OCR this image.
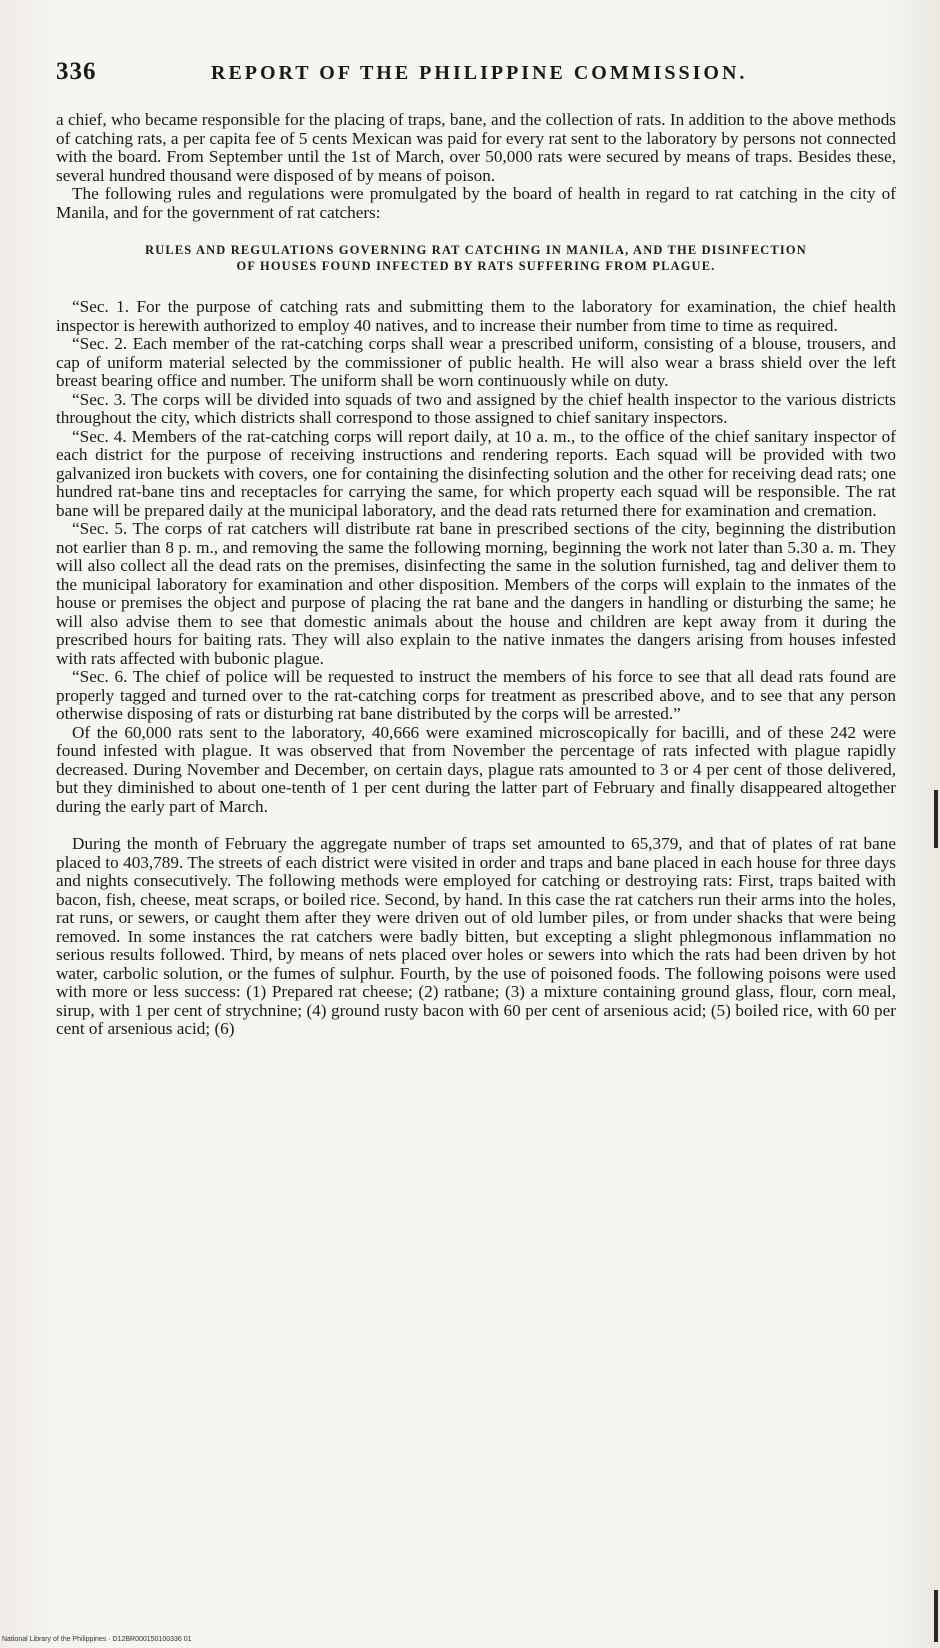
336	REPORT OF THE PHILIPPINE COMMISSION.

a chief, who became responsible for the placing of traps, bane, and the collection of rats. In addition to the above methods of catching rats, a per capita fee of 5 cents Mexican was paid for every rat sent to the laboratory by persons not connected with the board. From September until the 1st of March, over 50,000 rats were secured by means of traps. Besides these, several hundred thousand were disposed of by means of poison.

The following rules and regulations were promulgated by the board of health in regard to rat catching in the city of Manila, and for the government of rat catchers:

RULES AND REGULATIONS GOVERNING RAT CATCHING IN MANILA, AND THE DISINFECTION
OF HOUSES FOUND INFECTED BY RATS SUFFERING FROM PLAGUE.

“Sec. 1. For the purpose of catching rats and submitting them to the laboratory for examination, the chief health inspector is herewith authorized to employ 40 natives, and to increase their number from time to time as required.

“Sec. 2. Each member of the rat-catching corps shall wear a prescribed uniform, consisting of a blouse, trousers, and cap of uniform material selected by the commissioner of public health. He will also wear a brass shield over the left breast bearing office and number. The uniform shall be worn continuously while on duty.

“Sec. 3. The corps will be divided into squads of two and assigned by the chief health inspector to the various districts throughout the city, which districts shall correspond to those assigned to chief sanitary inspectors.

“Sec. 4. Members of the rat-catching corps will report daily, at 10 a. m., to the office of the chief sanitary inspector of each district for the purpose of receiving instructions and rendering reports. Each squad will be provided with two galvanized iron buckets with covers, one for containing the disinfecting solution and the other for receiving dead rats; one hundred rat-bane tins and receptacles for carrying the same, for which property each squad will be responsible. The rat bane will be prepared daily at the municipal laboratory, and the dead rats returned there for examination and cremation.

“Sec. 5. The corps of rat catchers will distribute rat bane in prescribed sections of the city, beginning the distribution not earlier than 8 p. m., and removing the same the following morning, beginning the work not later than 5.30 a. m. They will also collect all the dead rats on the premises, disinfecting the same in the solution furnished, tag and deliver them to the municipal laboratory for examination and other disposition. Members of the corps will explain to the inmates of the house or premises the object and purpose of placing the rat bane and the dangers in handling or disturbing the same; he will also advise them to see that domestic animals about the house and children are kept away from it during the prescribed hours for baiting rats. They will also explain to the native inmates the dangers arising from houses infested with rats affected with bubonic plague.

“Sec. 6. The chief of police will be requested to instruct the members of his force to see that all dead rats found are properly tagged and turned over to the rat-catching corps for treatment as prescribed above, and to see that any person otherwise disposing of rats or disturbing rat bane distributed by the corps will be arrested.”

Of the 60,000 rats sent to the laboratory, 40,666 were examined microscopically for bacilli, and of these 242 were found infested with plague. It was observed that from November the percentage of rats infected with plague rapidly decreased. During November and December, on certain days, plague rats amounted to 3 or 4 per cent of those delivered, but they diminished to about one-tenth of 1 per cent during the latter part of February and finally disappeared altogether during the early part of March.

During the month of February the aggregate number of traps set amounted to 65,379, and that of plates of rat bane placed to 403,789. The streets of each district were visited in order and traps and bane placed in each house for three days and nights consecutively. The following methods were employed for catching or destroying rats: First, traps baited with bacon, fish, cheese, meat scraps, or boiled rice. Second, by hand. In this case the rat catchers run their arms into the holes, rat runs, or sewers, or caught them after they were driven out of old lumber piles, or from under shacks that were being removed. In some instances the rat catchers were badly bitten, but excepting a slight phlegmonous inflammation no serious results followed. Third, by means of nets placed over holes or sewers into which the rats had been driven by hot water, carbolic solution, or the fumes of sulphur. Fourth, by the use of poisoned foods. The following poisons were used with more or less success: (1) Prepared rat cheese; (2) ratbane; (3) a mixture containing ground glass, flour, corn meal, sirup, with 1 per cent of strychnine; (4) ground rusty bacon with 60 per cent of arsenious acid; (5) boiled rice, with 60 per cent of arsenious acid; (6)

National Library of the Philippines · D12BR000150100336 01
